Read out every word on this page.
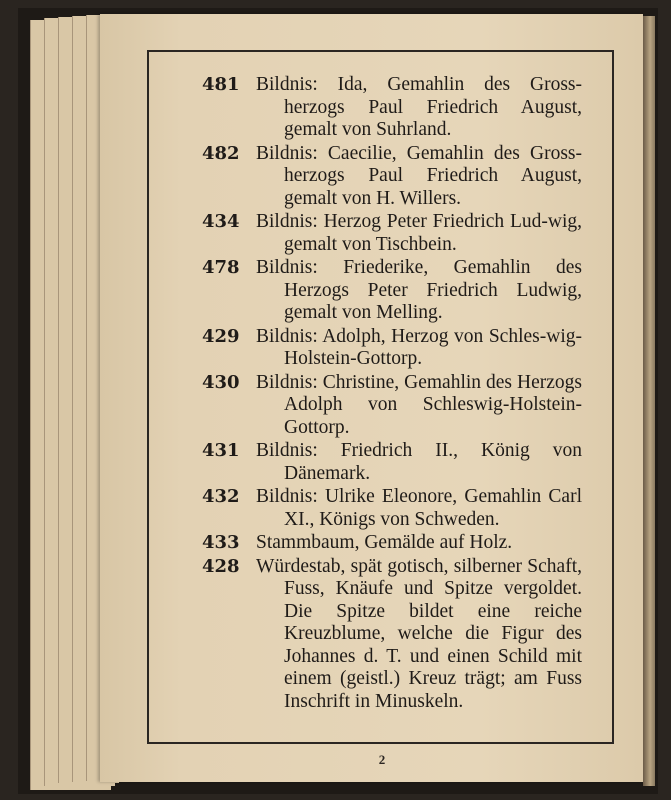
481 Bildnis: Ida, Gemahlin des Gross-herzogs Paul Friedrich August, gemalt von Suhrland.
482 Bildnis: Caecilie, Gemahlin des Gross-herzogs Paul Friedrich August, gemalt von H. Willers.
434 Bildnis: Herzog Peter Friedrich Lud-wig, gemalt von Tischbein.
478 Bildnis: Friederike, Gemahlin des Herzogs Peter Friedrich Ludwig, gemalt von Melling.
429 Bildnis: Adolph, Herzog von Schles-wig-Holstein-Gottorp.
430 Bildnis: Christine, Gemahlin des Herzogs Adolph von Schleswig-Holstein-Gottorp.
431 Bildnis: Friedrich II., König von Dänemark.
432 Bildnis: Ulrike Eleonore, Gemahlin Carl XI., Königs von Schweden.
433 Stammbaum, Gemälde auf Holz.
428 Würdestab, spät gotisch, silberner Schaft, Fuss, Knäufe und Spitze vergoldet. Die Spitze bildet eine reiche Kreuzblume, welche die Figur des Johannes d. T. und einen Schild mit einem (geistl.) Kreuz trägt; am Fuss Inschrift in Minuskeln.
2
